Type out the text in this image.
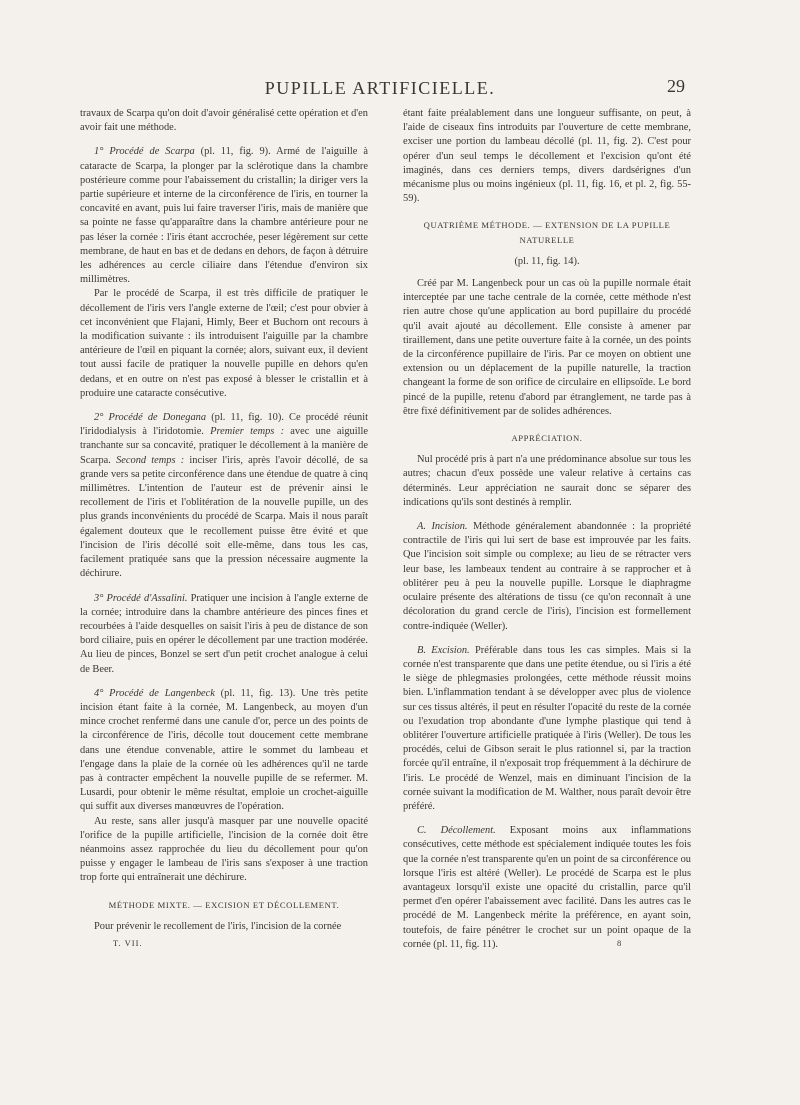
PUPILLE ARTIFICIELLE.	29

travaux de Scarpa qu'on doit d'avoir généralisé cette opération et d'en avoir fait une méthode.

1° Procédé de Scarpa (pl. 11, fig. 9). Armé de l'aiguille à cataracte de Scarpa, la plonger par la sclérotique dans la chambre postérieure comme pour l'abaissement du cristallin; la diriger vers la partie supérieure et interne de la circonférence de l'iris, en tourner la concavité en avant, puis lui faire traverser l'iris, mais de manière que sa pointe ne fasse qu'apparaître dans la chambre antérieure pour ne pas léser la cornée : l'iris étant accrochée, peser légèrement sur cette membrane, de haut en bas et de dedans en dehors, de façon à détruire les adhérences au cercle ciliaire dans l'étendue d'environ six millimètres.

Par le procédé de Scarpa, il est très difficile de pratiquer le décollement de l'iris vers l'angle externe de l'œil; c'est pour obvier à cet inconvénient que Flajani, Himly, Beer et Buchorn ont recours à la modification suivante : ils introduisent l'aiguille par la chambre antérieure de l'œil en piquant la cornée; alors, suivant eux, il devient tout aussi facile de pratiquer la nouvelle pupille en dehors qu'en dedans, et en outre on n'est pas exposé à blesser le cristallin et à produire une cataracte consécutive.

2° Procédé de Donegana (pl. 11, fig. 10). Ce procédé réunit l'iridodialysis à l'iridotomie. Premier temps : avec une aiguille tranchante sur sa concavité, pratiquer le décollement à la manière de Scarpa. Second temps : inciser l'iris, après l'avoir décollé, de sa grande vers sa petite circonférence dans une étendue de quatre à cinq millimètres. L'intention de l'auteur est de prévenir ainsi le recollement de l'iris et l'oblitération de la nouvelle pupille, un des plus grands inconvénients du procédé de Scarpa. Mais il nous paraît également douteux que le recollement puisse être évité et que l'incision de l'iris décollé soit elle-même, dans tous les cas, facilement pratiquée sans que la pression nécessaire augmente la déchirure.

3° Procédé d'Assalini. Pratiquer une incision à l'angle externe de la cornée; introduire dans la chambre antérieure des pinces fines et recourbées à l'aide desquelles on saisit l'iris à peu de distance de son bord ciliaire, puis en opérer le décollement par une traction modérée. Au lieu de pinces, Bonzel se sert d'un petit crochet analogue à celui de Beer.

4° Procédé de Langenbeck (pl. 11, fig. 13). Une très petite incision étant faite à la cornée, M. Langenbeck, au moyen d'un mince crochet renfermé dans une canule d'or, perce un des points de la circonférence de l'iris, décolle tout doucement cette membrane dans une étendue convenable, attire le sommet du lambeau et l'engage dans la plaie de la cornée où les adhérences qu'il ne tarde pas à contracter empêchent la nouvelle pupille de se refermer. M. Lusardi, pour obtenir le même résultat, emploie un crochet-aiguille qui suffit aux diverses manœuvres de l'opération.

Au reste, sans aller jusqu'à masquer par une nouvelle opacité l'orifice de la pupille artificielle, l'incision de la cornée doit être néanmoins assez rapprochée du lieu du décollement pour qu'on puisse y engager le lambeau de l'iris sans s'exposer à une traction trop forte qui entraînerait une déchirure.

MÉTHODE MIXTE. — EXCISION ET DÉCOLLEMENT.

Pour prévenir le recollement de l'iris, l'incision de la cornée

étant faite préalablement dans une longueur suffisante, on peut, à l'aide de ciseaux fins introduits par l'ouverture de cette membrane, exciser une portion du lambeau décollé (pl. 11, fig. 2). C'est pour opérer d'un seul temps le décollement et l'excision qu'ont été imaginés, dans ces derniers temps, divers dardsérignes d'un mécanisme plus ou moins ingénieux (pl. 11, fig. 16, et pl. 2, fig. 55-59).

QUATRIÈME MÉTHODE. — EXTENSION DE LA PUPILLE NATURELLE
(pl. 11, fig. 14).

Créé par M. Langenbeck pour un cas où la pupille normale était interceptée par une tache centrale de la cornée, cette méthode n'est rien autre chose qu'une application au bord pupillaire du procédé qu'il avait ajouté au décollement. Elle consiste à amener par tiraillement, dans une petite ouverture faite à la cornée, un des points de la circonférence pupillaire de l'iris. Par ce moyen on obtient une extension ou un déplacement de la pupille naturelle, la traction changeant la forme de son orifice de circulaire en ellipsoïde. Le bord pincé de la pupille, retenu d'abord par étranglement, ne tarde pas à être fixé définitivement par de solides adhérences.

APPRÉCIATION.

Nul procédé pris à part n'a une prédominance absolue sur tous les autres; chacun d'eux possède une valeur relative à certains cas déterminés. Leur appréciation ne saurait donc se séparer des indications qu'ils sont destinés à remplir.

A. Incision. Méthode généralement abandonnée : la propriété contractile de l'iris qui lui sert de base est improuvée par les faits. Que l'incision soit simple ou complexe; au lieu de se rétracter vers leur base, les lambeaux tendent au contraire à se rapprocher et à oblitérer peu à peu la nouvelle pupille. Lorsque le diaphragme oculaire présente des altérations de tissu (ce qu'on reconnaît à une décoloration du grand cercle de l'iris), l'incision est formellement contre-indiquée (Weller).

B. Excision. Préférable dans tous les cas simples. Mais si la cornée n'est transparente que dans une petite étendue, ou si l'iris a été le siège de phlegmasies prolongées, cette méthode réussit moins bien. L'inflammation tendant à se développer avec plus de violence sur ces tissus altérés, il peut en résulter l'opacité du reste de la cornée ou l'exudation trop abondante d'une lymphe plastique qui tend à oblitérer l'ouverture artificielle pratiquée à l'iris (Weller). De tous les procédés, celui de Gibson serait le plus rationnel si, par la traction forcée qu'il entraîne, il n'exposait trop fréquemment à la déchirure de l'iris. Le procédé de Wenzel, mais en diminuant l'incision de la cornée suivant la modification de M. Walther, nous paraît devoir être préféré.

C. Décollement. Exposant moins aux inflammations consécutives, cette méthode est spécialement indiquée toutes les fois que la cornée n'est transparente qu'en un point de sa circonférence ou lorsque l'iris est altéré (Weller). Le procédé de Scarpa est le plus avantageux lorsqu'il existe une opacité du cristallin, parce qu'il permet d'en opérer l'abaissement avec facilité. Dans les autres cas le procédé de M. Langenbeck mérite la préférence, en ayant soin, toutefois, de faire pénétrer le crochet sur un point opaque de la cornée (pl. 11, fig. 11).

T. VII.	8
